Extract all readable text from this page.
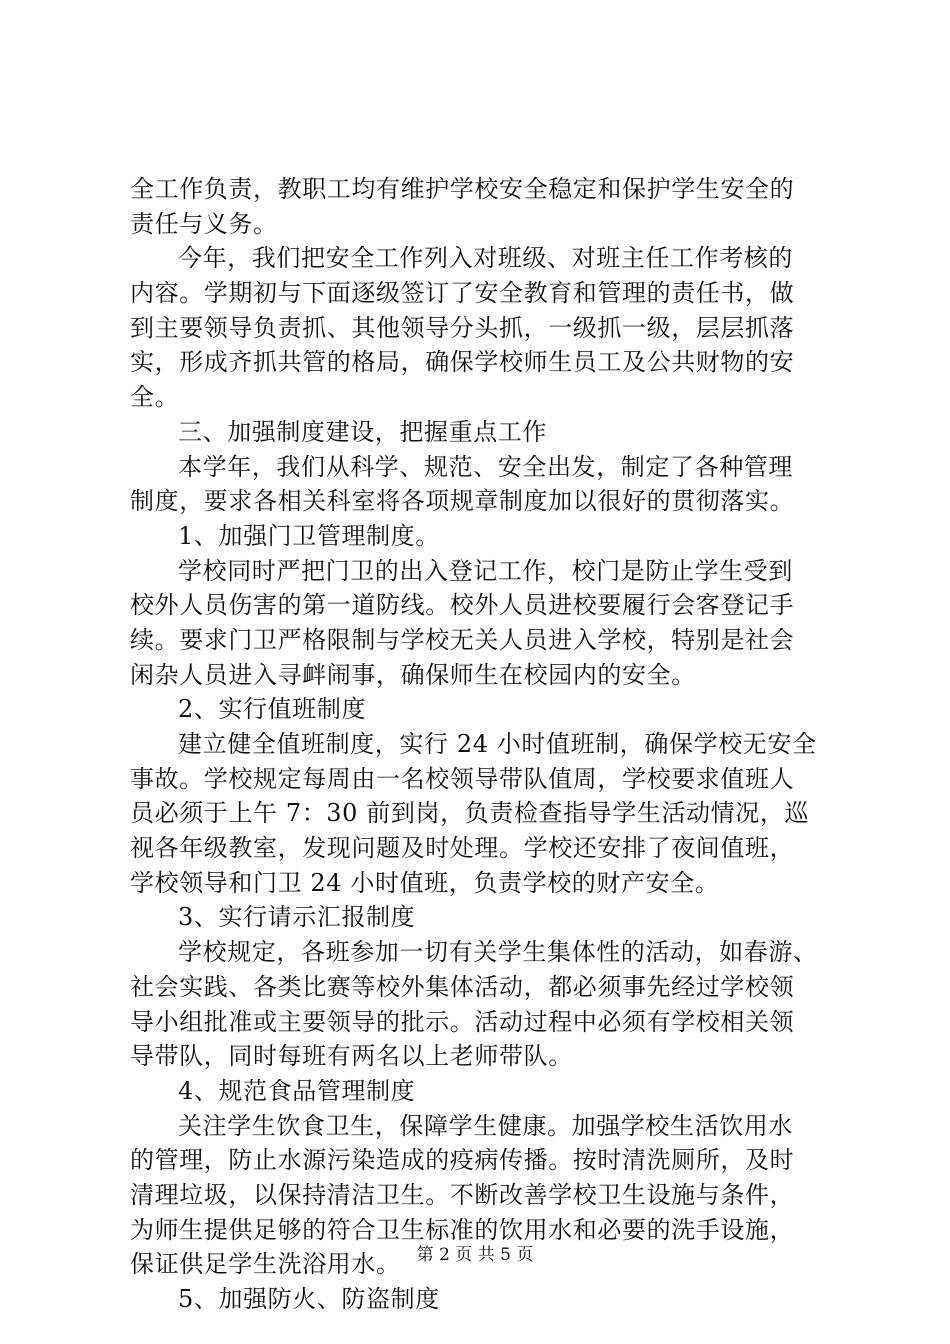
全工作负责，教职工均有维护学校安全稳定和保护学生安全的
责任与义务。
今年，我们把安全工作列入对班级、对班主任工作考核的
内容。学期初与下面逐级签订了安全教育和管理的责任书，做
到主要领导负责抓、其他领导分头抓，一级抓一级，层层抓落
实，形成齐抓共管的格局，确保学校师生员工及公共财物的安
全。
三、加强制度建设，把握重点工作
本学年，我们从科学、规范、安全出发，制定了各种管理
制度，要求各相关科室将各项规章制度加以很好的贯彻落实。
1、加强门卫管理制度。
学校同时严把门卫的出入登记工作，校门是防止学生受到
校外人员伤害的第一道防线。校外人员进校要履行会客登记手
续。要求门卫严格限制与学校无关人员进入学校，特别是社会
闲杂人员进入寻衅闹事，确保师生在校园内的安全。
2、实行值班制度
建立健全值班制度，实行 24 小时值班制，确保学校无安全
事故。学校规定每周由一名校领导带队值周，学校要求值班人
员必须于上午 7：30 前到岗，负责检查指导学生活动情况，巡
视各年级教室，发现问题及时处理。学校还安排了夜间值班，
学校领导和门卫 24 小时值班，负责学校的财产安全。
3、实行请示汇报制度
学校规定，各班参加一切有关学生集体性的活动，如春游、
社会实践、各类比赛等校外集体活动，都必须事先经过学校领
导小组批准或主要领导的批示。活动过程中必须有学校相关领
导带队，同时每班有两名以上老师带队。
4、规范食品管理制度
关注学生饮食卫生，保障学生健康。加强学校生活饮用水
的管理，防止水源污染造成的疫病传播。按时清洗厕所，及时
清理垃圾，以保持清洁卫生。不断改善学校卫生设施与条件，
为师生提供足够的符合卫生标准的饮用水和必要的洗手设施，
保证供足学生洗浴用水。
5、加强防火、防盗制度
第 2 页 共 5 页
